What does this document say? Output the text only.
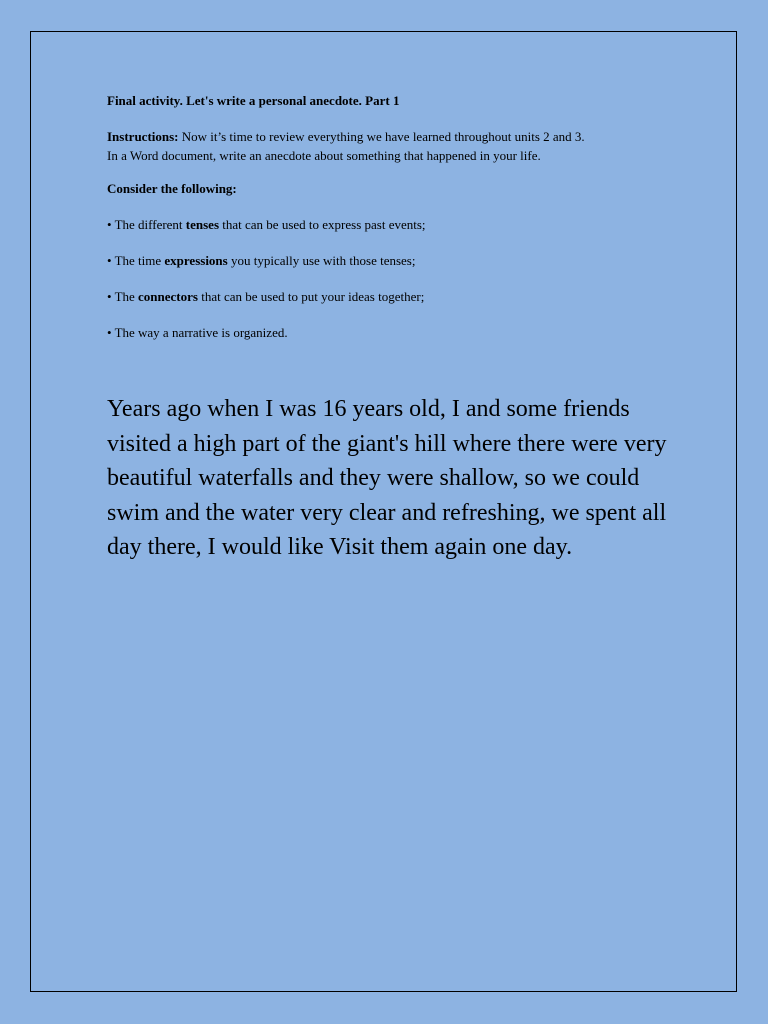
Final activity. Let's write a personal anecdote. Part 1

Instructions: Now it’s time to review everything we have learned throughout units 2 and 3.
In a Word document, write an anecdote about something that happened in your life.

Consider the following:

• The different tenses that can be used to express past events;

• The time expressions you typically use with those tenses;

• The connectors that can be used to put your ideas together;

• The way a narrative is organized.

Years ago when I was 16 years old, I and some friends visited a high part of the giant's hill where there were very beautiful waterfalls and they were shallow, so we could swim and the water very clear and refreshing, we spent all day there, I would like Visit them again one day.
